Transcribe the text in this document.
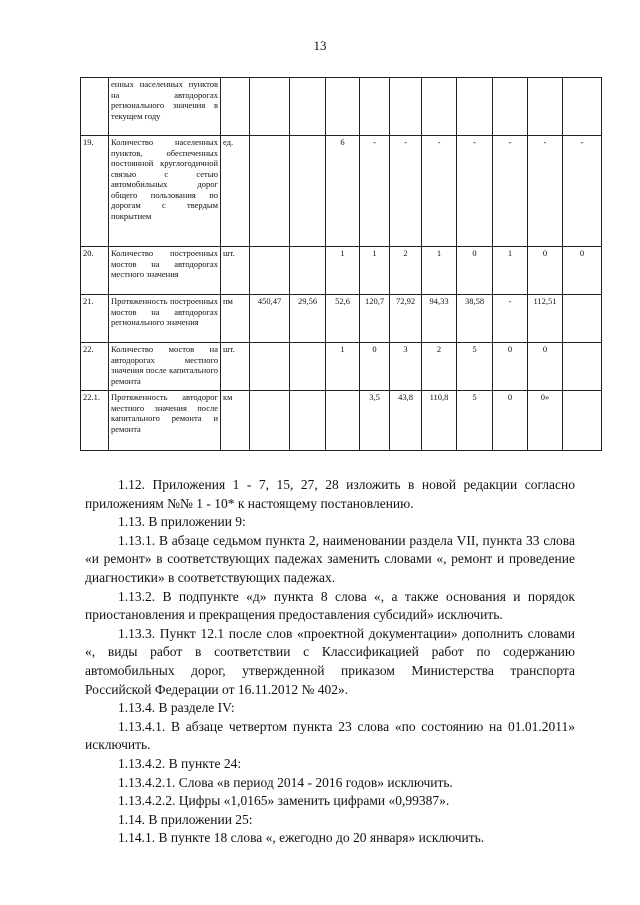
13
	енных населенных пунктов на автодорогах регионального значения в текущем году											
19.	Количество населенных пунктов, обеспеченных постоянной круглогодичной связью с сетью автомобильных дорог общего пользования по дорогам с твердым покрытием	ед.			6	-	-	-	-	-	-	-
20.	Количество построенных мостов на автодорогах местного значения	шт.			1	1	2	1	0	1	0	0
21.	Протяженность построенных мостов на автодорогах регионального значения	пм	450,47	29,56	52,6	120,7	72,92	94,33	38,58	-	112,51	
22.	Количество мостов на автодорогах местного значения после капитального ремонта	шт.			1	0	3	2	5	0	0	
22.1.	Протяженность автодорог местного значения после капитального ремонта и ремонта	км				3,5	43,8	110,8	5	0	0»	

1.12. Приложения 1 - 7, 15, 27, 28 изложить в новой редакции согласно приложениям №№ 1 - 10* к настоящему постановлению.

1.13. В приложении 9:

1.13.1. В абзаце седьмом пункта 2, наименовании раздела VII, пункта 33 слова «и ремонт» в соответствующих падежах заменить словами «, ремонт и проведение диагностики» в соответствующих падежах.

1.13.2. В подпункте «д» пункта 8 слова «, а также основания и порядок приостановления и прекращения предоставления субсидий» исключить.

1.13.3. Пункт 12.1 после слов «проектной документации» дополнить словами «, виды работ в соответствии с Классификацией работ по содержанию автомобильных дорог, утвержденной приказом Министерства транспорта Российской Федерации от 16.11.2012 № 402».

1.13.4. В разделе IV:

1.13.4.1. В абзаце четвертом пункта 23 слова «по состоянию на 01.01.2011» исключить.

1.13.4.2. В пункте 24:

1.13.4.2.1. Слова «в период 2014 - 2016 годов» исключить.

1.13.4.2.2. Цифры «1,0165» заменить цифрами «0,99387».

1.14. В приложении 25:

1.14.1. В пункте 18 слова «, ежегодно до 20 января» исключить.
